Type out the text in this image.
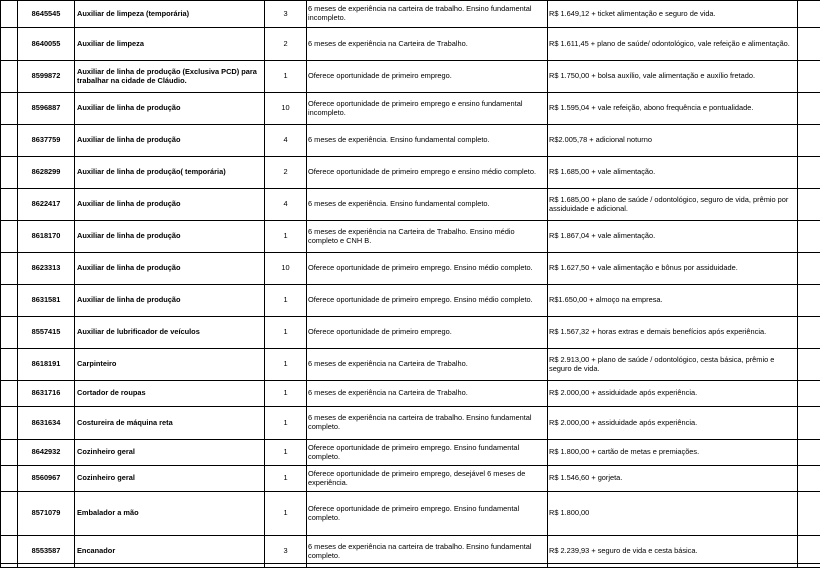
	8645545	Auxiliar de limpeza (temporária)	3	6 meses de experiência na carteira de trabalho. Ensino fundamental incompleto.	R$ 1.649,12 + ticket alimentação e seguro de vida.	
	8640055	Auxiliar de limpeza	2	6 meses de experiência na Carteira de Trabalho.	R$ 1.611,45 + plano de saúde/ odontológico, vale refeição e alimentação.	
	8599872	Auxiliar de linha de produção (Exclusiva PCD) para trabalhar na cidade de Cláudio.	1	Oferece oportunidade de primeiro emprego.	R$ 1.750,00 + bolsa auxílio, vale alimentação e auxílio fretado.	
	8596887	Auxiliar de linha de produção	10	Oferece oportunidade de primeiro emprego e ensino fundamental incompleto.	R$ 1.595,04 + vale refeição, abono frequência e pontualidade.	
	8637759	Auxiliar de linha de produção	4	6 meses de experiência. Ensino fundamental completo.	R$2.005,78 + adicional noturno	
	8628299	Auxiliar de linha de produção( temporária)	2	Oferece oportunidade de primeiro emprego e ensino médio completo.	R$ 1.685,00 + vale alimentação.	
	8622417	Auxiliar de linha de produção	4	6 meses de experiência. Ensino fundamental completo.	R$ 1.685,00 + plano de saúde / odontológico, seguro de vida, prêmio por assiduidade e adicional.	
	8618170	Auxiliar de linha de produção	1	6 meses de experiência na Carteira de Trabalho. Ensino médio completo e CNH B.	R$ 1.867,04 + vale alimentação.	
	8623313	Auxiliar de linha de produção	10	Oferece oportunidade de primeiro emprego. Ensino médio completo.	R$ 1.627,50 + vale alimentação e bônus por assiduidade.	
	8631581	Auxiliar de linha de produção	1	Oferece oportunidade de primeiro emprego. Ensino médio completo.	R$1.650,00 + almoço na empresa.	
	8557415	Auxiliar de lubrificador de veículos	1	Oferece oportunidade de primeiro emprego.	R$ 1.567,32 + horas extras e demais benefícios após experiência.	
	8618191	Carpinteiro	1	6 meses de experiência na Carteira de Trabalho.	R$ 2.913,00 + plano de saúde / odontológico, cesta básica, prêmio e seguro de vida.	
	8631716	Cortador de roupas	1	6 meses de experiência na Carteira de Trabalho.	R$ 2.000,00 + assiduidade após experiência.	
	8631634	Costureira de máquina reta	1	6 meses de experiência na carteira de trabalho. Ensino fundamental completo.	R$ 2.000,00 + assiduidade após experiência.	
	8642932	Cozinheiro geral	1	Oferece oportunidade de primeiro emprego. Ensino fundamental completo.	R$ 1.800,00 + cartão de metas e premiações.	
	8560967	Cozinheiro geral	1	Oferece oportunidade de primeiro emprego, desejável 6 meses de experiência.	R$ 1.546,60 + gorjeta.	
	8571079	Embalador a mão	1	Oferece oportunidade de primeiro emprego. Ensino fundamental completo.	R$ 1.800,00	
	8553587	Encanador	3	6 meses de experiência na carteira de trabalho. Ensino fundamental completo.	R$ 2.239,93 + seguro de vida e cesta básica.	
